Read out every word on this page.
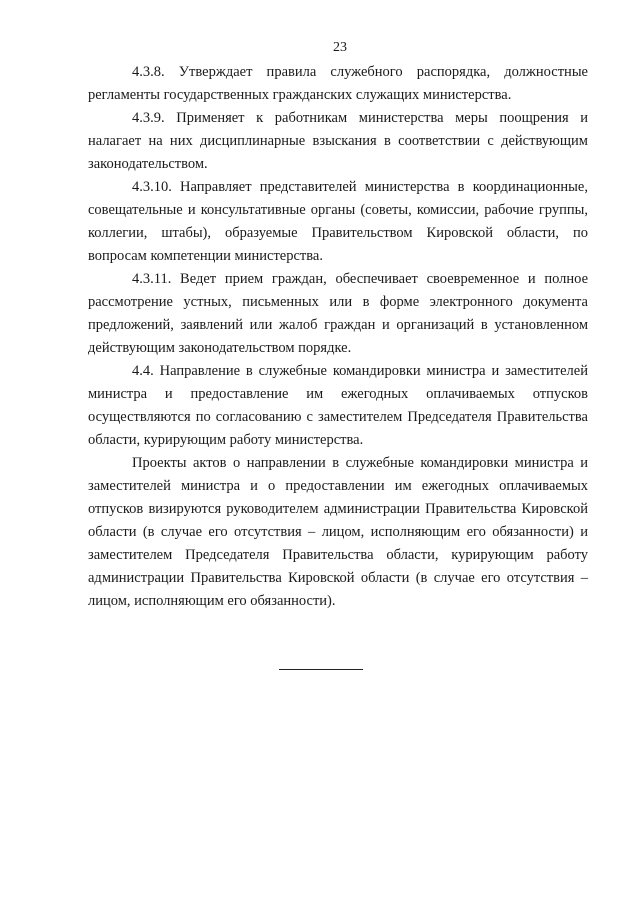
23

4.3.8. Утверждает правила служебного распорядка, должностные регламенты государственных гражданских служащих министерства.

4.3.9. Применяет к работникам министерства меры поощрения и налагает на них дисциплинарные взыскания в соответствии с действующим законодательством.

4.3.10. Направляет представителей министерства в координационные, совещательные и консультативные органы (советы, комиссии, рабочие группы, коллегии, штабы), образуемые Правительством Кировской области, по вопросам компетенции министерства.

4.3.11. Ведет прием граждан, обеспечивает своевременное и полное рассмотрение устных, письменных или в форме электронного документа предложений, заявлений или жалоб граждан и организаций в установленном действующим законодательством порядке.

4.4. Направление в служебные командировки министра и заместителей министра и предоставление им ежегодных оплачиваемых отпусков осуществляются по согласованию с заместителем Председателя Правительства области, курирующим работу министерства.

Проекты актов о направлении в служебные командировки министра и заместителей министра и о предоставлении им ежегодных оплачиваемых отпусков визируются руководителем администрации Правительства Кировской области (в случае его отсутствия – лицом, исполняющим его обязанности) и заместителем Председателя Правительства области, курирующим работу администрации Правительства Кировской области (в случае его отсутствия – лицом, исполняющим его обязанности).
